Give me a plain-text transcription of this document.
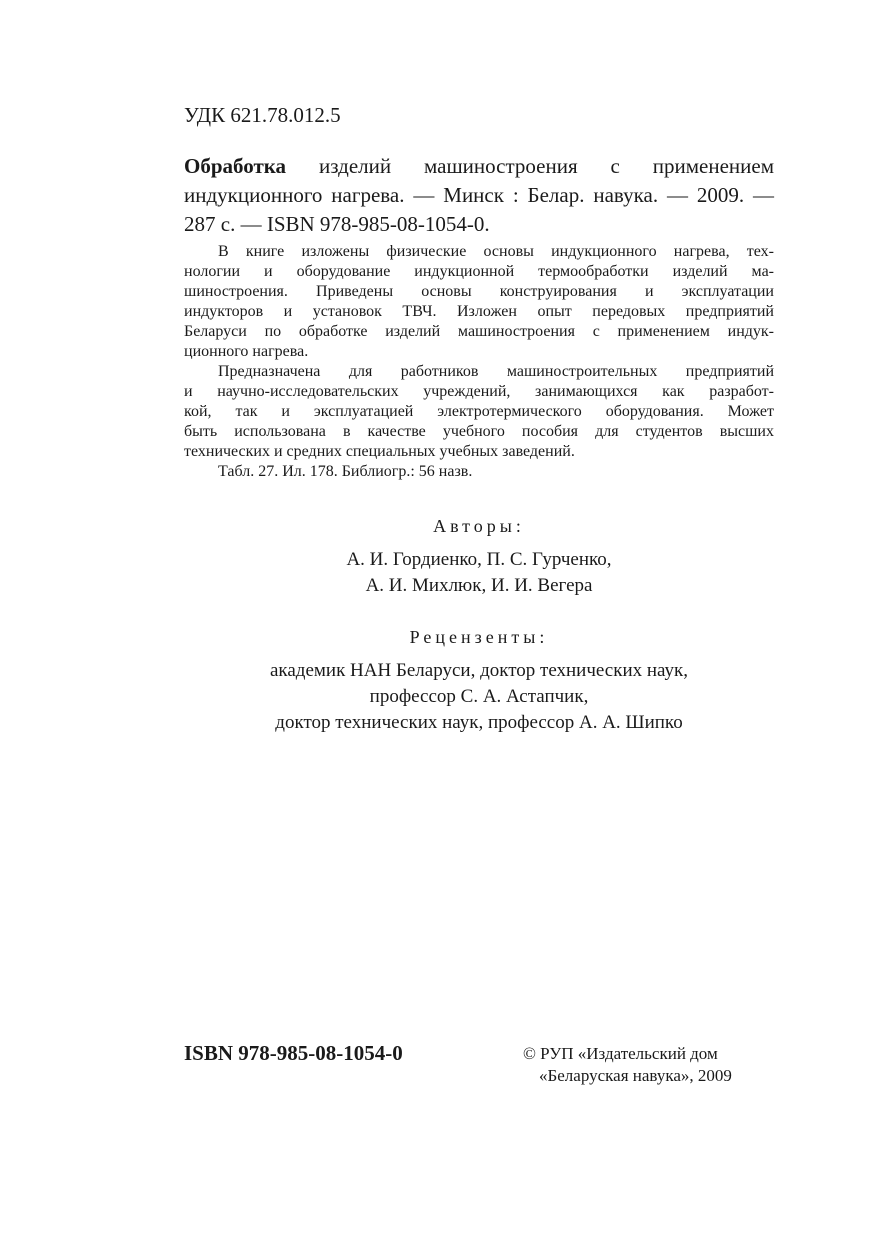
УДК 621.78.012.5
Обработка изделий машиностроения с применением
индукционного нагрева. — Минск : Белар. навука. — 2009. —
287 с. — ISBN 978-985-08-1054-0.
В книге изложены физические основы индукционного нагрева, тех-
нологии и оборудование индукционной термообработки изделий ма-
шиностроения. Приведены основы конструирования и эксплуатации
индукторов и установок ТВЧ. Изложен опыт передовых предприятий
Беларуси по обработке изделий машиностроения с применением индук-
ционного нагрева.
Предназначена для работников машиностроительных предприятий
и научно-исследовательских учреждений, занимающихся как разработ-
кой, так и эксплуатацией электротермического оборудования. Может
быть использована в качестве учебного пособия для студентов высших
технических и средних специальных учебных заведений.
Табл. 27. Ил. 178. Библиогр.: 56 назв.
Авторы:
А. И. Гордиенко, П. С. Гурченко,
А. И. Михлюк, И. И. Вегера
Рецензенты:
академик НАН Беларуси, доктор технических наук,
профессор С. А. Астапчик,
доктор технических наук, профессор А. А. Шипко
ISBN 978-985-08-1054-0	© РУП «Издательский дом
«Беларуская навука», 2009
